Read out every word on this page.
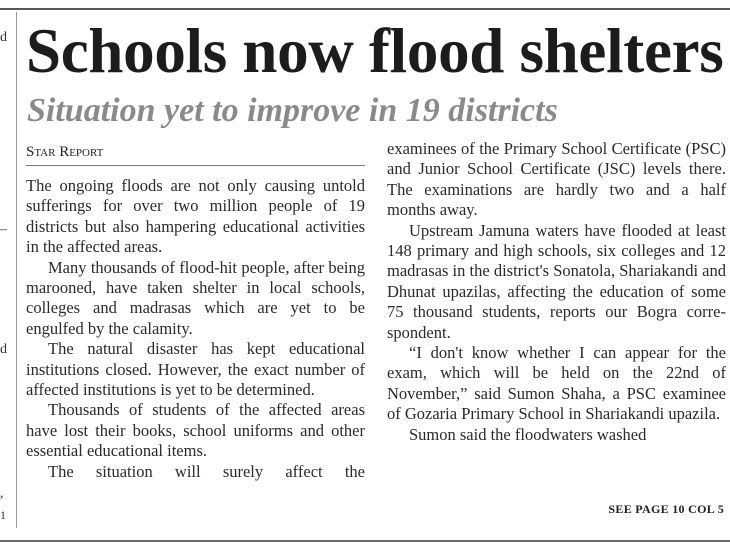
d
–
d
,
1
Schools now flood shelters
Situation yet to improve in 19 districts
Star Report

The ongoing floods are not only causing untold sufferings for over two million people of 19 districts but also hampering educational activities in the affected areas.

Many thousands of flood-hit people, after being marooned, have taken shelter in local schools, colleges and madrasas which are yet to be engulfed by the calamity.

The natural disaster has kept educational institutions closed. However, the exact number of affected institutions is yet to be determined.

Thousands of students of the affected areas have lost their books, school uniforms and other essential educational items.

The situation will surely affect the

examinees of the Primary School Certificate (PSC) and Junior School Certificate (JSC) levels there. The examinations are hardly two and a half months away.

Upstream Jamuna waters have flooded at least 148 primary and high schools, six colleges and 12 madrasas in the district's Sonatola, Shariakandi and Dhunat upazilas, affecting the education of some 75 thousand students, reports our Bogra correspondent.

“I don't know whether I can appear for the exam, which will be held on the 22nd of November,” said Sumon Shaha, a PSC examinee of Gozaria Primary School in Shariakandi upazila.

Sumon said the floodwaters washed

SEE PAGE 10 COL 5
